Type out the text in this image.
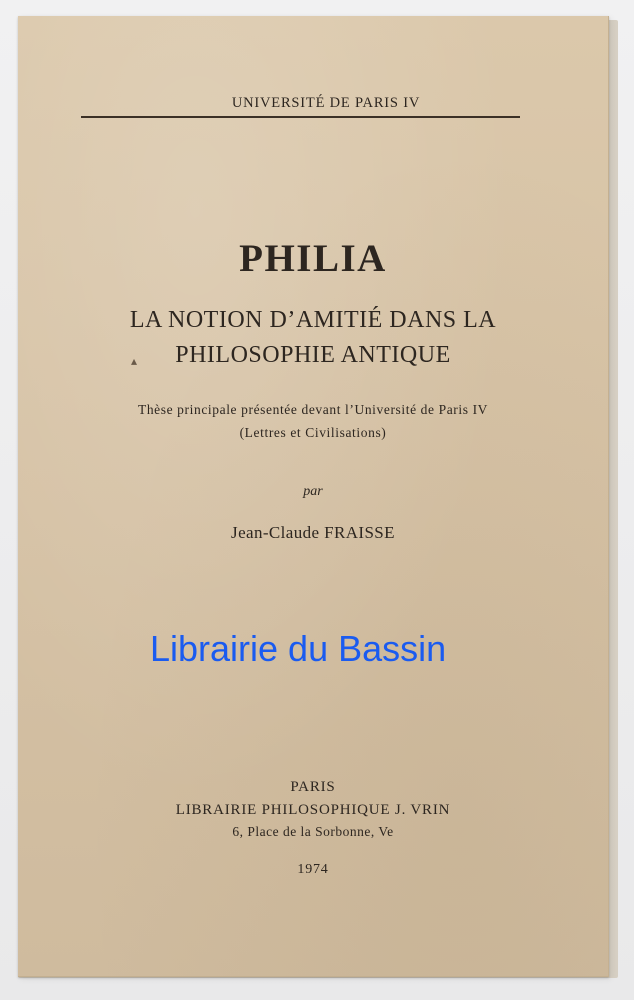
UNIVERSITÉ DE PARIS IV
PHILIA
LA NOTION D’AMITIÉ DANS LA
PHILOSOPHIE ANTIQUE
▴
Thèse principale présentée devant l’Université de Paris IV
(Lettres et Civilisations)
par
Jean-Claude FRAISSE
Librairie du Bassin
PARIS
LIBRAIRIE PHILOSOPHIQUE J. VRIN
6, Place de la Sorbonne, Ve
1974
